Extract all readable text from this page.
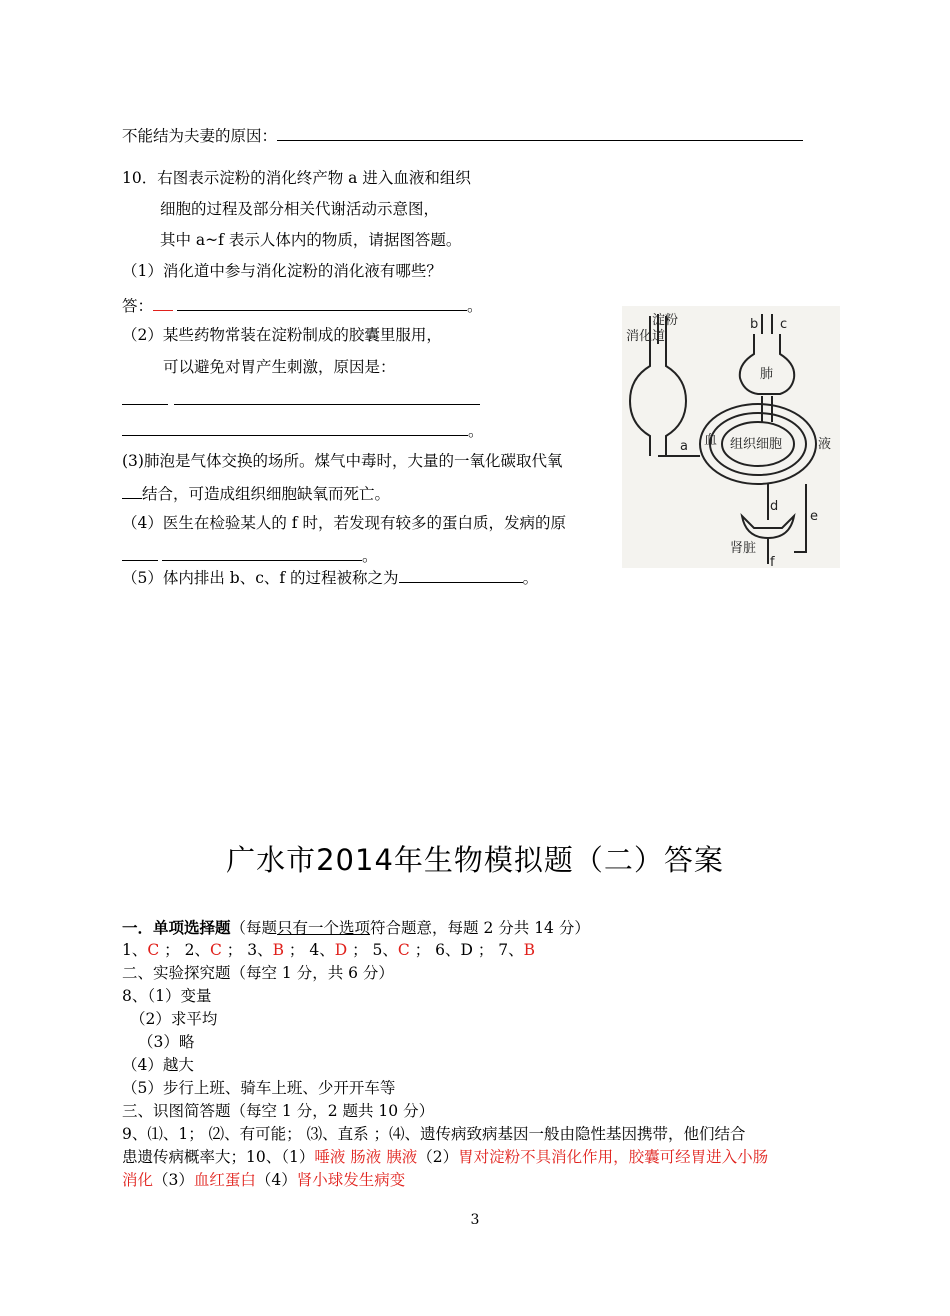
不能结为夫妻的原因：
10．右图表示淀粉的消化终产物 a 进入血液和组织
细胞的过程及部分相关代谢活动示意图，
其中 a~f 表示人体内的物质，请据图答题。
（1）消化道中参与消化淀粉的消化液有哪些？
答：	。
（2）某些药物常装在淀粉制成的胶囊里服用，
可以避免对胃产生刺激，原因是：
。
(3)肺泡是气体交换的场所。煤气中毒时，大量的一氧化碳取代氧
结合，可造成组织细胞缺氧而死亡。
（4）医生在检验某人的 f 时，若发现有较多的蛋白质，发病的原
。
（5）体内排出 b、c、f 的过程被称之为	。
消化道
淀粉
肺
血 组织细胞	液
肾脏
a
b c
d
e
f
广水市2014年生物模拟题（二）答案
一．单项选择题（每题只有一个选项符合题意，每题 2 分共 14 分）
1、C ； 2、C ； 3、B ； 4、D ； 5、C ； 6、D ； 7、B
二、实验探究题（每空 1 分，共 6 分）
8、（1）变量
（2）求平均
（3）略
（4）越大
（5）步行上班、骑车上班、少开开车等
三、识图简答题（每空 1 分，2 题共 10 分）
9、⑴、1； ⑵、有可能； ⑶、直系 ；⑷、遗传病致病基因一般由隐性基因携带，他们结合
患遗传病概率大；10、（1）唾液 肠液 胰液（2）胃对淀粉不具消化作用，胶囊可经胃进入小肠
消化（3）血红蛋白（4）肾小球发生病变
3
